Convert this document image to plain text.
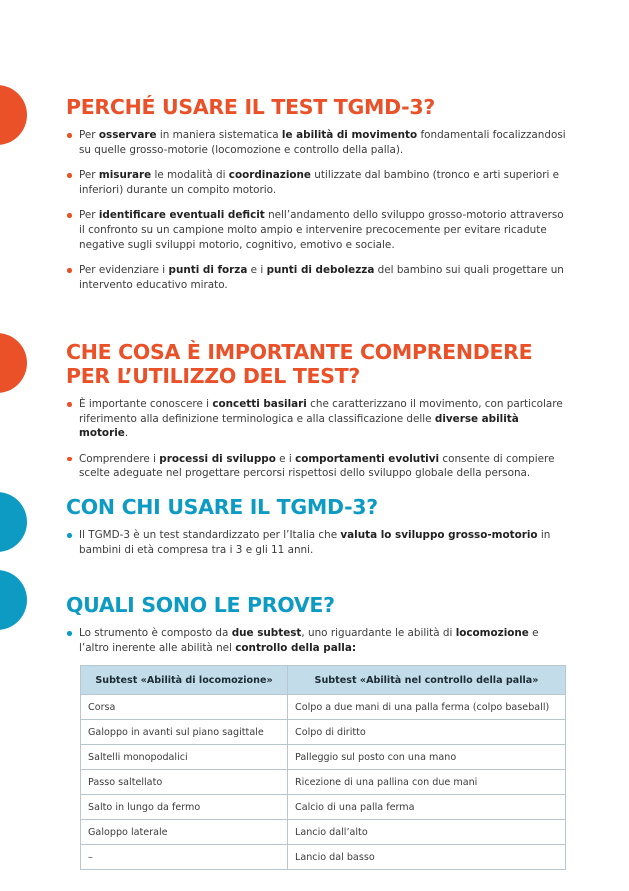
PERCHÉ USARE IL TEST TGMD-3?
Per osservare in maniera sistematica le abilità di movimento fondamentali focalizzandosi su quelle grosso-motorie (locomozione e controllo della palla).
Per misurare le modalità di coordinazione utilizzate dal bambino (tronco e arti superiori e inferiori) durante un compito motorio.
Per identificare eventuali deficit nell’andamento dello sviluppo grosso-motorio attraverso il confronto su un campione molto ampio e intervenire precocemente per evitare ricadute negative sugli sviluppi motorio, cognitivo, emotivo e sociale.
Per evidenziare i punti di forza e i punti di debolezza del bambino sui quali progettare un intervento educativo mirato.
CHE COSA È IMPORTANTE COMPRENDERE PER L’UTILIZZO DEL TEST?
È importante conoscere i concetti basilari che caratterizzano il movimento, con particolare riferimento alla definizione terminologica e alla classificazione delle diverse abilità motorie.
Comprendere i processi di sviluppo e i comportamenti evolutivi consente di compiere scelte adeguate nel progettare percorsi rispettosi dello sviluppo globale della persona.
CON CHI USARE IL TGMD-3?
Il TGMD-3 è un test standardizzato per l’Italia che valuta lo sviluppo grosso-motorio in bambini di età compresa tra i 3 e gli 11 anni.
QUALI SONO LE PROVE?
Lo strumento è composto da due subtest, uno riguardante le abilità di locomozione e l’altro inerente alle abilità nel controllo della palla:
Subtest «Abilità di locomozione»	Subtest «Abilità nel controllo della palla»
Corsa	Colpo a due mani di una palla ferma (colpo baseball)
Galoppo in avanti sul piano sagittale	Colpo di diritto
Saltelli monopodalici	Palleggio sul posto con una mano
Passo saltellato	Ricezione di una pallina con due mani
Salto in lungo da fermo	Calcio di una palla ferma
Galoppo laterale	Lancio dall’alto
–	Lancio dal basso
